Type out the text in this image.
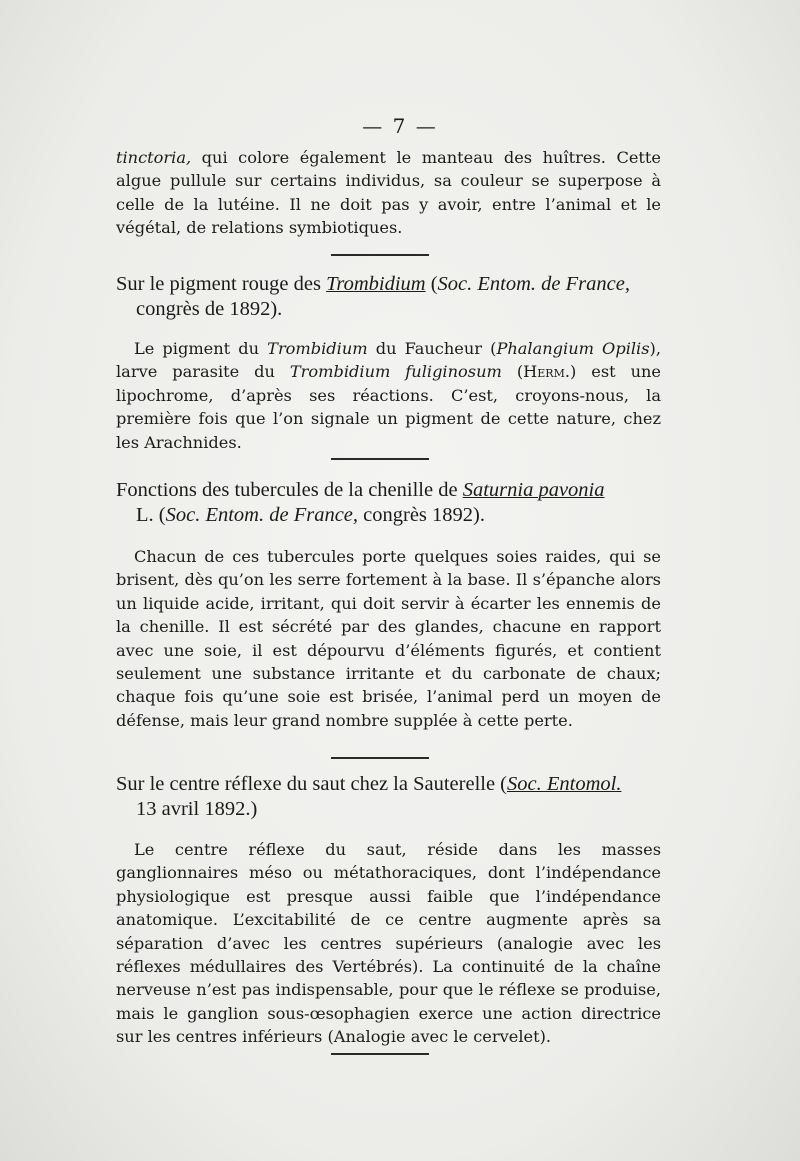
— 7 —

tinctoria, qui colore également le manteau des huîtres. Cette algue pullule sur certains individus, sa couleur se superpose à celle de la lutéine. Il ne doit pas y avoir, entre l’animal et le végétal, de relations symbiotiques.

Sur le pigment rouge des Trombidium (Soc. Entom. de France,
congrès de 1892).

Le pigment du Trombidium du Faucheur (Phalangium Opilis), larve parasite du Trombidium fuliginosum (Herm.) est une lipochrome, d’après ses réactions. C’est, croyons-nous, la première fois que l’on signale un pigment de cette nature, chez les Arachnides.

Fonctions des tubercules de la chenille de Saturnia pavonia
L. (Soc. Entom. de France, congrès 1892).

Chacun de ces tubercules porte quelques soies raides, qui se brisent, dès qu’on les serre fortement à la base. Il s’épanche alors un liquide acide, irritant, qui doit servir à écarter les ennemis de la chenille. Il est sécrété par des glandes, chacune en rapport avec une soie, il est dépourvu d’éléments figurés, et contient seulement une substance irritante et du carbonate de chaux; chaque fois qu’une soie est brisée, l’animal perd un moyen de défense, mais leur grand nombre supplée à cette perte.

Sur le centre réflexe du saut chez la Sauterelle (Soc. Entomol.
13 avril 1892.)

Le centre réflexe du saut, réside dans les masses ganglionnaires méso ou métathoraciques, dont l’indépendance physiologique est presque aussi faible que l’indépendance anatomique. L’excitabilité de ce centre augmente après sa séparation d’avec les centres supérieurs (analogie avec les réflexes médullaires des Vertébrés). La continuité de la chaîne nerveuse n’est pas indispensable, pour que le réflexe se produise, mais le ganglion sous-œsophagien exerce une action directrice sur les centres inférieurs (Analogie avec le cervelet).
